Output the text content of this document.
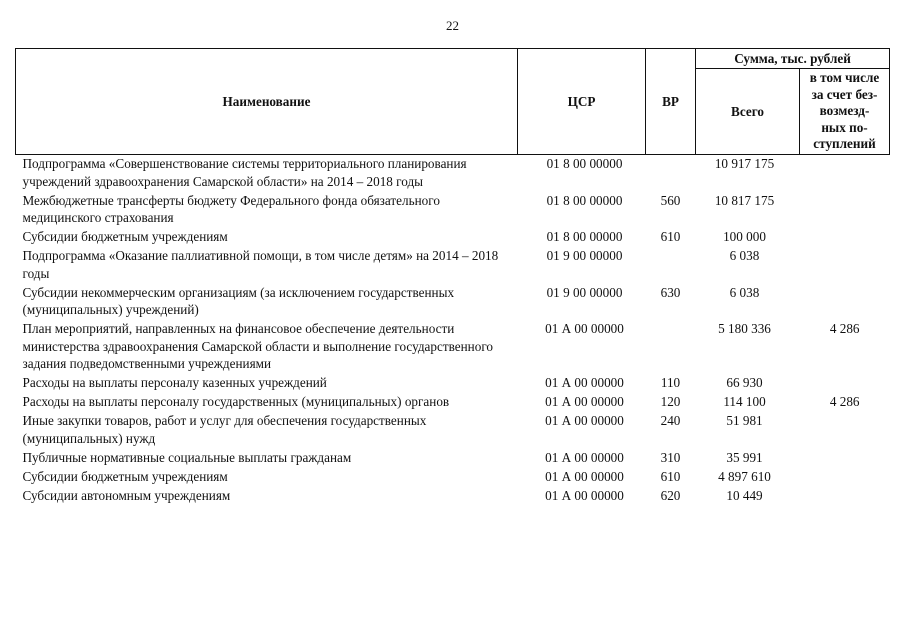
22
Наименование	ЦСР	ВР	Сумма, тыс. рублей	
			Всего	в том числе
за счет без-
возмезд-
ных по-
ступлений
Подпрограмма «Совершенствование системы территориального планирования учреждений здравоохранения Самарской области» на 2014 – 2018 годы	01 8 00 00000		10 917 175	
Межбюджетные трансферты бюджету Федерального фонда обязательного медицинского страхования	01 8 00 00000	560	10 817 175	
Субсидии бюджетным учреждениям	01 8 00 00000	610	100 000	
Подпрограмма «Оказание паллиативной помощи, в том числе детям» на 2014 – 2018 годы	01 9 00 00000		6 038	
Субсидии некоммерческим организациям (за исключением государственных (муниципальных) учреждений)	01 9 00 00000	630	6 038	
План мероприятий, направленных на финансовое обеспечение деятельности министерства здравоохранения Самарской области и выполнение государственного задания подведомственными учреждениями	01 А 00 00000		5 180 336	4 286
Расходы на выплаты персоналу казенных учреждений	01 А 00 00000	110	66 930	
Расходы на выплаты персоналу государственных (муниципальных) органов	01 А 00 00000	120	114 100	4 286
Иные закупки товаров, работ и услуг для обеспечения государственных (муниципальных) нужд	01 А 00 00000	240	51 981	
Публичные нормативные социальные выплаты гражданам	01 А 00 00000	310	35 991	
Субсидии бюджетным учреждениям	01 А 00 00000	610	4 897 610	
Субсидии автономным учреждениям	01 А 00 00000	620	10 449	
